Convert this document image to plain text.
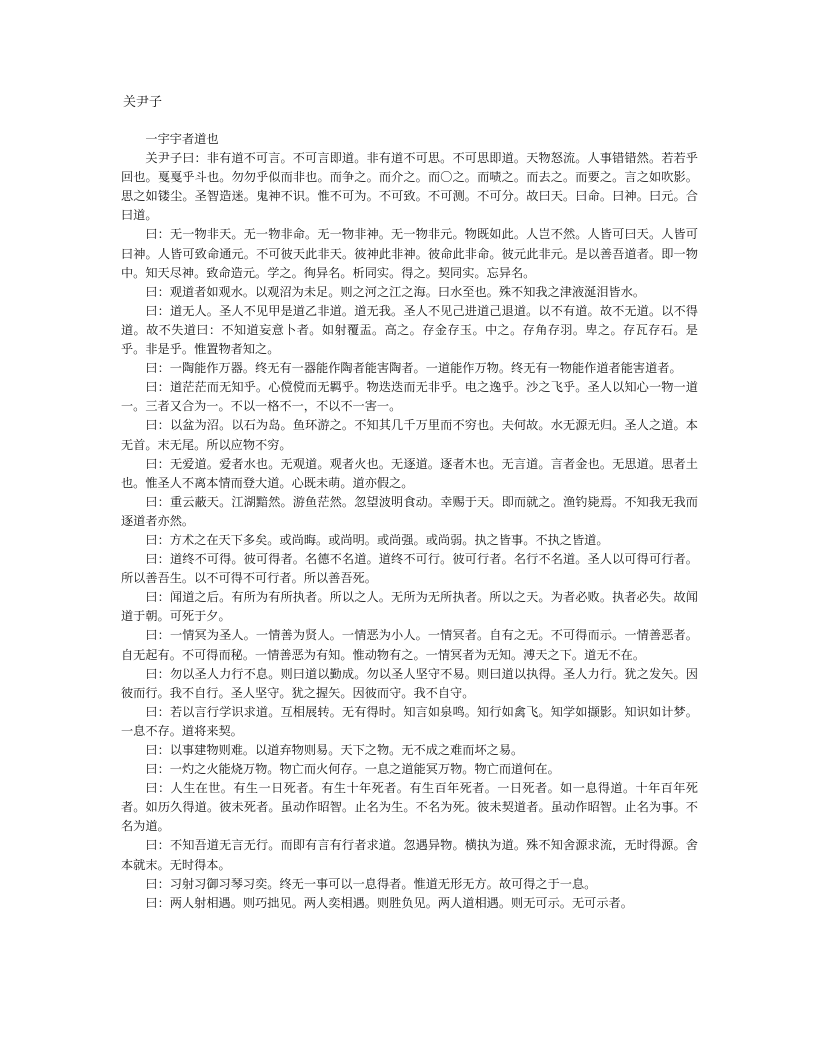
关尹子

一宇宇者道也

关尹子曰：非有道不可言。不可言即道。非有道不可思。不可思即道。天物怒流。人事错错然。若若乎回也。戛戛乎斗也。勿勿乎似而非也。而争之。而介之。而〇之。而啧之。而去之。而要之。言之如吹影。思之如镂尘。圣智造迷。鬼神不识。惟不可为。不可致。不可测。不可分。故曰天。曰命。曰神。曰元。合曰道。

曰：无一物非天。无一物非命。无一物非神。无一物非元。物既如此。人岂不然。人皆可曰天。人皆可曰神。人皆可致命通元。不可彼天此非天。彼神此非神。彼命此非命。彼元此非元。是以善吾道者。即一物中。知天尽神。致命造元。学之。徇异名。析同实。得之。契同实。忘异名。

曰：观道者如观水。以观沼为未足。则之河之江之海。曰水至也。殊不知我之津液涎泪皆水。

曰：道无人。圣人不见甲是道乙非道。道无我。圣人不见己进道己退道。以不有道。故不无道。以不得道。故不失道曰：不知道妄意卜者。如射覆盂。高之。存金存玉。中之。存角存羽。卑之。存瓦存石。是乎。非是乎。惟置物者知之。

曰：一陶能作万器。终无有一器能作陶者能害陶者。一道能作万物。终无有一物能作道者能害道者。

曰：道茫茫而无知乎。心傥傥而无羁乎。物迭迭而无非乎。电之逸乎。沙之飞乎。圣人以知心一物一道一。三者又合为一。不以一格不一，不以不一害一。

曰：以盆为沼。以石为岛。鱼环游之。不知其几千万里而不穷也。夫何故。水无源无归。圣人之道。本无首。末无尾。所以应物不穷。

曰：无爱道。爱者水也。无观道。观者火也。无逐道。逐者木也。无言道。言者金也。无思道。思者土也。惟圣人不离本情而登大道。心既未萌。道亦假之。

曰：重云蔽天。江湖黯然。游鱼茫然。忽望波明食动。幸赐于天。即而就之。渔钓毙焉。不知我无我而逐道者亦然。

曰：方术之在天下多矣。或尚晦。或尚明。或尚强。或尚弱。执之皆事。不执之皆道。

曰：道终不可得。彼可得者。名德不名道。道终不可行。彼可行者。名行不名道。圣人以可得可行者。所以善吾生。以不可得不可行者。所以善吾死。

曰：闻道之后。有所为有所执者。所以之人。无所为无所执者。所以之天。为者必败。执者必失。故闻道于朝。可死于夕。

曰：一情冥为圣人。一情善为贤人。一情恶为小人。一情冥者。自有之无。不可得而示。一情善恶者。自无起有。不可得而秘。一情善恶为有知。惟动物有之。一情冥者为无知。溥天之下。道无不在。

曰：勿以圣人力行不息。则曰道以勤成。勿以圣人坚守不易。则曰道以执得。圣人力行。犹之发矢。因彼而行。我不自行。圣人坚守。犹之握矢。因彼而守。我不自守。

曰：若以言行学识求道。互相展转。无有得时。知言如泉鸣。知行如禽飞。知学如撷影。知识如计梦。一息不存。道将来契。

曰：以事建物则难。以道弃物则易。天下之物。无不成之难而坏之易。

曰：一灼之火能烧万物。物亡而火何存。一息之道能冥万物。物亡而道何在。

曰：人生在世。有生一日死者。有生十年死者。有生百年死者。一日死者。如一息得道。十年百年死者。如历久得道。彼未死者。虽动作昭智。止名为生。不名为死。彼未契道者。虽动作昭智。止名为事。不名为道。

曰：不知吾道无言无行。而即有言有行者求道。忽遇异物。横执为道。殊不知舍源求流，无时得源。舍本就末。无时得本。

曰：习射习御习琴习奕。终无一事可以一息得者。惟道无形无方。故可得之于一息。

曰：两人射相遇。则巧拙见。两人奕相遇。则胜负见。两人道相遇。则无可示。无可示者。
